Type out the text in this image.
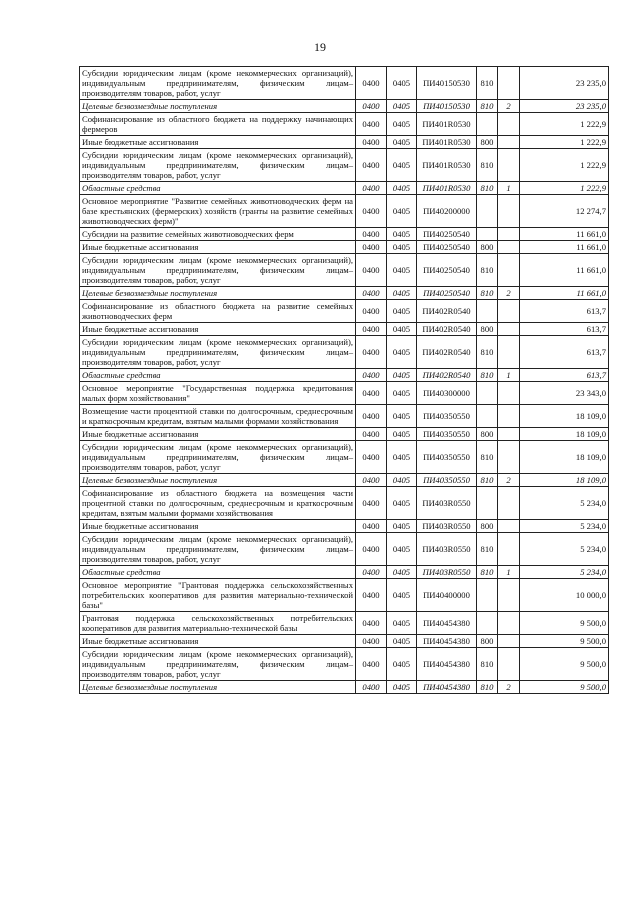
19
Субсидии юридическим лицам (кроме некоммерческих организаций), индивидуальным предпринимателям, физическим лицам–производителям товаров, работ, услуг	0400	0405	ПИ40150530	810		23 235,0
Целевые безвозмездные поступления	0400	0405	ПИ40150530	810	2	23 235,0
Софинансирование из областного бюджета на поддержку начинающих фермеров	0400	0405	ПИ401R0530			1 222,9
Иные бюджетные ассигнования	0400	0405	ПИ401R0530	800		1 222,9
Субсидии юридическим лицам (кроме некоммерческих организаций), индивидуальным предпринимателям, физическим лицам–производителям товаров, работ, услуг	0400	0405	ПИ401R0530	810		1 222,9
Областные средства	0400	0405	ПИ401R0530	810	1	1 222,9
Основное мероприятие "Развитие семейных животноводческих ферм на базе крестьянских (фермерских) хозяйств (гранты на развитие семейных животноводческих ферм)"	0400	0405	ПИ40200000			12 274,7
Субсидии на развитие семейных животноводческих ферм	0400	0405	ПИ40250540			11 661,0
Иные бюджетные ассигнования	0400	0405	ПИ40250540	800		11 661,0
Субсидии юридическим лицам (кроме некоммерческих организаций), индивидуальным предпринимателям, физическим лицам–производителям товаров, работ, услуг	0400	0405	ПИ40250540	810		11 661,0
Целевые безвозмездные поступления	0400	0405	ПИ40250540	810	2	11 661,0
Софинансирование из областного бюджета на развитие семейных животноводческих ферм	0400	0405	ПИ402R0540			613,7
Иные бюджетные ассигнования	0400	0405	ПИ402R0540	800		613,7
Субсидии юридическим лицам (кроме некоммерческих организаций), индивидуальным предпринимателям, физическим лицам–производителям товаров, работ, услуг	0400	0405	ПИ402R0540	810		613,7
Областные средства	0400	0405	ПИ402R0540	810	1	613,7
Основное мероприятие "Государственная поддержка кредитования малых форм хозяйствования"	0400	0405	ПИ40300000			23 343,0
Возмещение части процентной ставки по долгосрочным, среднесрочным и краткосрочным кредитам, взятым малыми формами хозяйствования	0400	0405	ПИ40350550			18 109,0
Иные бюджетные ассигнования	0400	0405	ПИ40350550	800		18 109,0
Субсидии юридическим лицам (кроме некоммерческих организаций), индивидуальным предпринимателям, физическим лицам–производителям товаров, работ, услуг	0400	0405	ПИ40350550	810		18 109,0
Целевые безвозмездные поступления	0400	0405	ПИ40350550	810	2	18 109,0
Софинансирование из областного бюджета на возмещения части процентной ставки по долгосрочным, среднесрочным и краткосрочным кредитам, взятым малыми формами хозяйствования	0400	0405	ПИ403R0550			5 234,0
Иные бюджетные ассигнования	0400	0405	ПИ403R0550	800		5 234,0
Субсидии юридическим лицам (кроме некоммерческих организаций), индивидуальным предпринимателям, физическим лицам–производителям товаров, работ, услуг	0400	0405	ПИ403R0550	810		5 234,0
Областные средства	0400	0405	ПИ403R0550	810	1	5 234,0
Основное мероприятие "Грантовая поддержка сельскохозяйственных потребительских кооперативов для развития материально-технической базы"	0400	0405	ПИ40400000			10 000,0
Грантовая поддержка сельскохозяйственных потребительских кооперативов для развития материально-технической базы	0400	0405	ПИ40454380			9 500,0
Иные бюджетные ассигнования	0400	0405	ПИ40454380	800		9 500,0
Субсидии юридическим лицам (кроме некоммерческих организаций), индивидуальным предпринимателям, физическим лицам–производителям товаров, работ, услуг	0400	0405	ПИ40454380	810		9 500,0
Целевые безвозмездные поступления	0400	0405	ПИ40454380	810	2	9 500,0
